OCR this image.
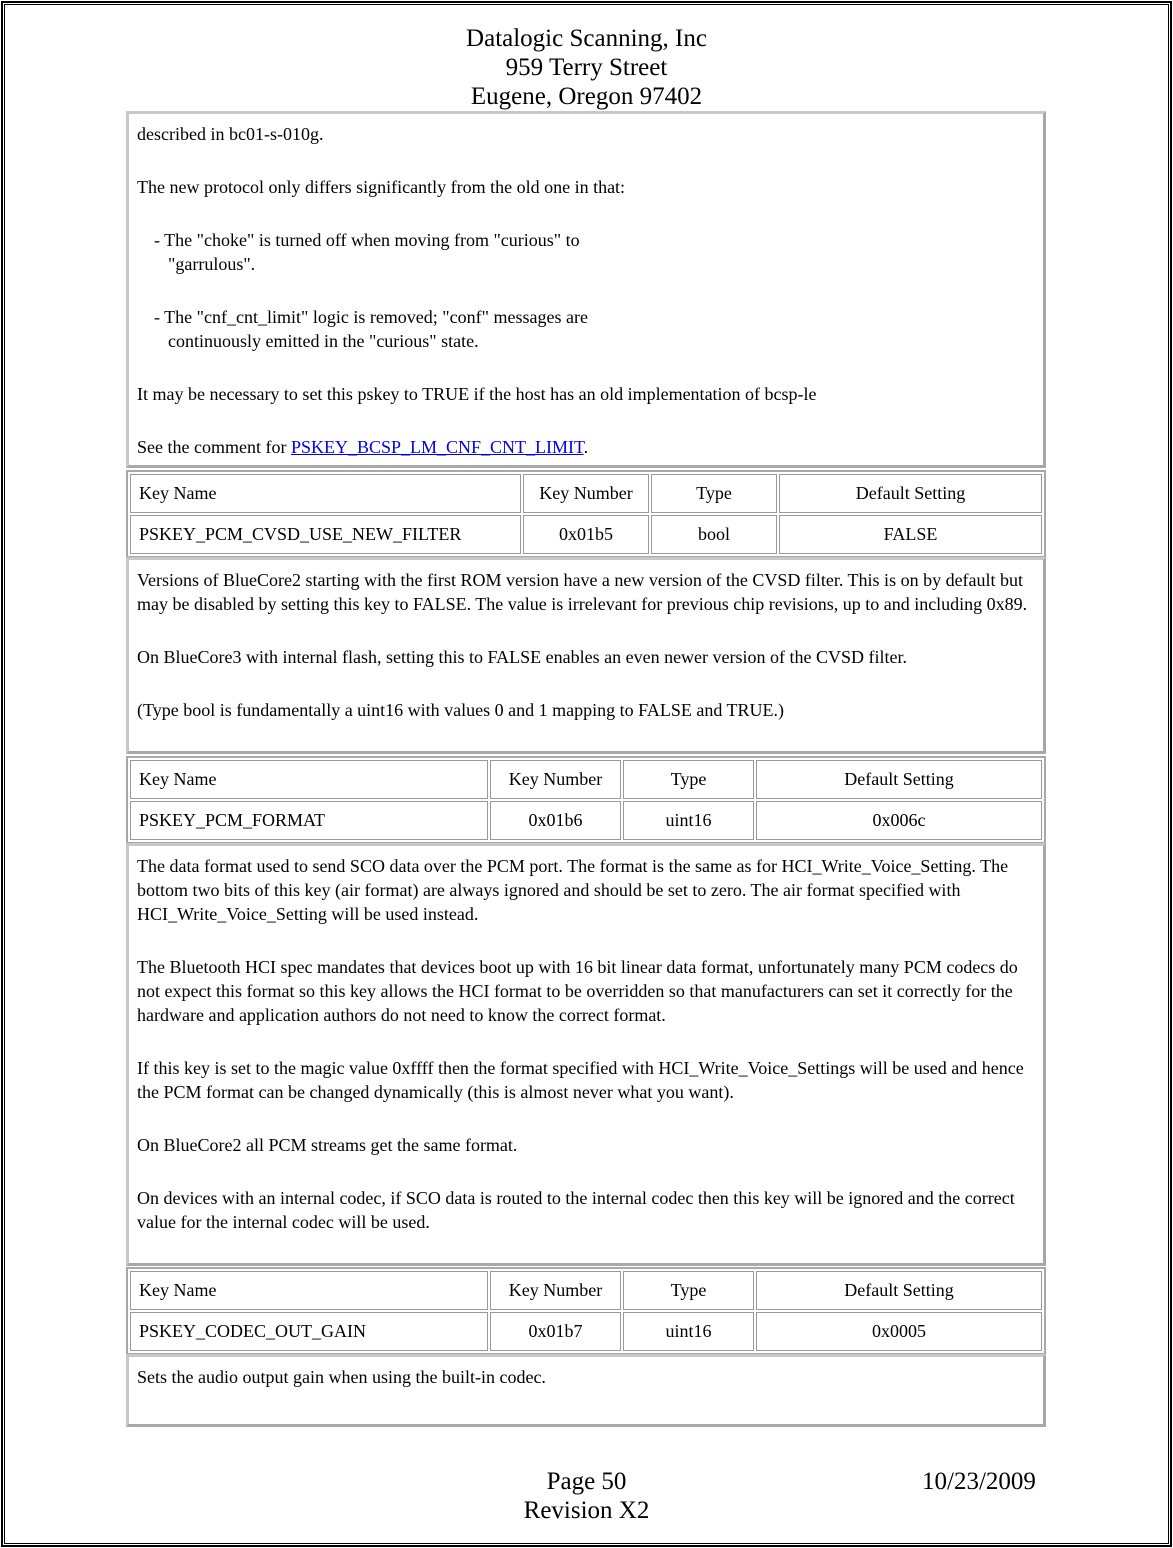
Datalogic Scanning, Inc
959 Terry Street
Eugene, Oregon 97402

described in bc01-s-010g.

The new protocol only differs significantly from the old one in that:

- The "choke" is turned off when moving from "curious" to
"garrulous".

- The "cnf_cnt_limit" logic is removed; "conf" messages are
continuously emitted in the "curious" state.

It may be necessary to set this pskey to TRUE if the host has an old implementation of bcsp-le

See the comment for PSKEY_BCSP_LM_CNF_CNT_LIMIT.

Key Name	Key Number	Type	Default Setting
PSKEY_PCM_CVSD_USE_NEW_FILTER	0x01b5	bool	FALSE

Versions of BlueCore2 starting with the first ROM version have a new version of the CVSD filter. This is on by default but may be disabled by setting this key to FALSE. The value is irrelevant for previous chip revisions, up to and including 0x89.

On BlueCore3 with internal flash, setting this to FALSE enables an even newer version of the CVSD filter.

(Type bool is fundamentally a uint16 with values 0 and 1 mapping to FALSE and TRUE.)

Key Name	Key Number	Type	Default Setting
PSKEY_PCM_FORMAT	0x01b6	uint16	0x006c

The data format used to send SCO data over the PCM port. The format is the same as for HCI_Write_Voice_Setting. The bottom two bits of this key (air format) are always ignored and should be set to zero. The air format specified with HCI_Write_Voice_Setting will be used instead.

The Bluetooth HCI spec mandates that devices boot up with 16 bit linear data format, unfortunately many PCM codecs do not expect this format so this key allows the HCI format to be overridden so that manufacturers can set it correctly for the hardware and application authors do not need to know the correct format.

If this key is set to the magic value 0xffff then the format specified with HCI_Write_Voice_Settings will be used and hence the PCM format can be changed dynamically (this is almost never what you want).

On BlueCore2 all PCM streams get the same format.

On devices with an internal codec, if SCO data is routed to the internal codec then this key will be ignored and the correct value for the internal codec will be used.

Key Name	Key Number	Type	Default Setting
PSKEY_CODEC_OUT_GAIN	0x01b7	uint16	0x0005

Sets the audio output gain when using the built-in codec.

Page 50	10/23/2009
Revision X2
